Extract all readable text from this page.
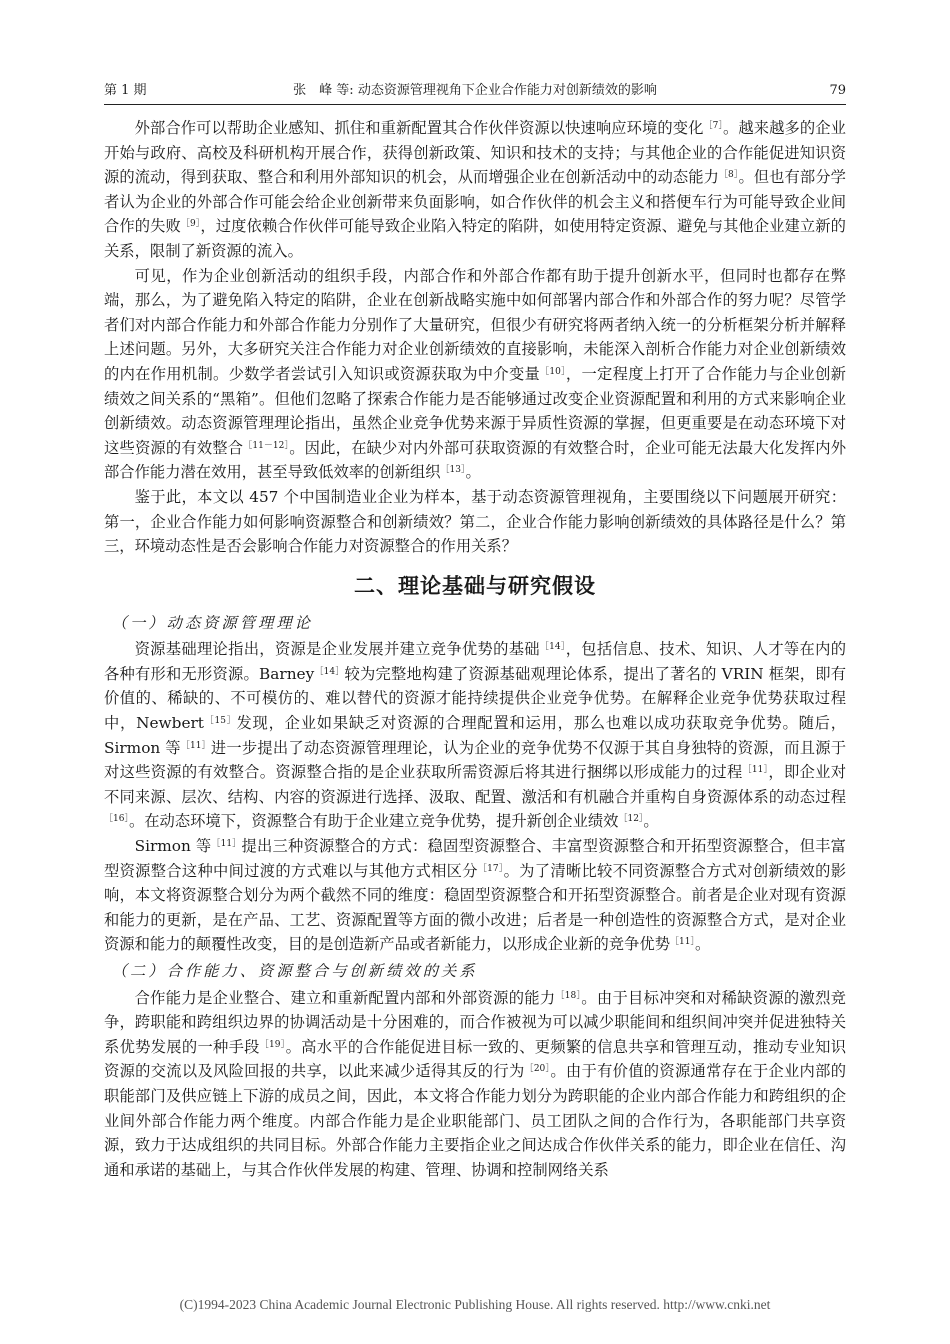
第 1 期	张　峰 等: 动态资源管理视角下企业合作能力对创新绩效的影响	79

外部合作可以帮助企业感知、抓住和重新配置其合作伙伴资源以快速响应环境的变化$^{[7]}$。越来越多的企业开始与政府、高校及科研机构开展合作，获得创新政策、知识和技术的支持；与其他企业的合作能促进知识资源的流动，得到获取、整合和利用外部知识的机会，从而增强企业在创新活动中的动态能力$^{[8]}$。但也有部分学者认为企业的外部合作可能会给企业创新带来负面影响，如合作伙伴的机会主义和搭便车行为可能导致企业间合作的失败$^{[9]}$，过度依赖合作伙伴可能导致企业陷入特定的陷阱，如使用特定资源、避免与其他企业建立新的关系，限制了新资源的流入。

可见，作为企业创新活动的组织手段，内部合作和外部合作都有助于提升创新水平，但同时也都存在弊端，那么，为了避免陷入特定的陷阱，企业在创新战略实施中如何部署内部合作和外部合作的努力呢？尽管学者们对内部合作能力和外部合作能力分别作了大量研究，但很少有研究将两者纳入统一的分析框架分析并解释上述问题。另外，大多研究关注合作能力对企业创新绩效的直接影响，未能深入剖析合作能力对企业创新绩效的内在作用机制。少数学者尝试引入知识或资源获取为中介变量$^{[10]}$，一定程度上打开了合作能力与企业创新绩效之间关系的“黑箱”。但他们忽略了探索合作能力是否能够通过改变企业资源配置和利用的方式来影响企业创新绩效。动态资源管理理论指出，虽然企业竞争优势来源于异质性资源的掌握，但更重要是在动态环境下对这些资源的有效整合$^{[11-12]}$。因此，在缺少对内外部可获取资源的有效整合时，企业可能无法最大化发挥内外部合作能力潜在效用，甚至导致低效率的创新组织$^{[13]}$。

鉴于此，本文以 457 个中国制造业企业为样本，基于动态资源管理视角，主要围绕以下问题展开研究：第一，企业合作能力如何影响资源整合和创新绩效？第二，企业合作能力影响创新绩效的具体路径是什么？第三，环境动态性是否会影响合作能力对资源整合的作用关系？

二、理论基础与研究假设
（一）动态资源管理理论

资源基础理论指出，资源是企业发展并建立竞争优势的基础$^{[14]}$，包括信息、技术、知识、人才等在内的各种有形和无形资源。Barney$^{[14]}$较为完整地构建了资源基础观理论体系，提出了著名的 VRIN 框架，即有价值的、稀缺的、不可模仿的、难以替代的资源才能持续提供企业竞争优势。在解释企业竞争优势获取过程中，Newbert$^{[15]}$发现，企业如果缺乏对资源的合理配置和运用，那么也难以成功获取竞争优势。随后，Sirmon 等$^{[11]}$进一步提出了动态资源管理理论，认为企业的竞争优势不仅源于其自身独特的资源，而且源于对这些资源的有效整合。资源整合指的是企业获取所需资源后将其进行捆绑以形成能力的过程$^{[11]}$，即企业对不同来源、层次、结构、内容的资源进行选择、汲取、配置、激活和有机融合并重构自身资源体系的动态过程$^{[16]}$。在动态环境下，资源整合有助于企业建立竞争优势，提升新创企业绩效$^{[12]}$。

Sirmon 等$^{[11]}$提出三种资源整合的方式：稳固型资源整合、丰富型资源整合和开拓型资源整合，但丰富型资源整合这种中间过渡的方式难以与其他方式相区分$^{[17]}$。为了清晰比较不同资源整合方式对创新绩效的影响，本文将资源整合划分为两个截然不同的维度：稳固型资源整合和开拓型资源整合。前者是企业对现有资源和能力的更新，是在产品、工艺、资源配置等方面的微小改进；后者是一种创造性的资源整合方式，是对企业资源和能力的颠覆性改变，目的是创造新产品或者新能力，以形成企业新的竞争优势$^{[11]}$。

（二）合作能力、资源整合与创新绩效的关系

合作能力是企业整合、建立和重新配置内部和外部资源的能力$^{[18]}$。由于目标冲突和对稀缺资源的激烈竞争，跨职能和跨组织边界的协调活动是十分困难的，而合作被视为可以减少职能间和组织间冲突并促进独特关系优势发展的一种手段$^{[19]}$。高水平的合作能促进目标一致的、更频繁的信息共享和管理互动，推动专业知识资源的交流以及风险回报的共享，以此来减少适得其反的行为$^{[20]}$。由于有价值的资源通常存在于企业内部的职能部门及供应链上下游的成员之间，因此，本文将合作能力划分为跨职能的企业内部合作能力和跨组织的企业间外部合作能力两个维度。内部合作能力是企业职能部门、员工团队之间的合作行为，各职能部门共享资源，致力于达成组织的共同目标。外部合作能力主要指企业之间达成合作伙伴关系的能力，即企业在信任、沟通和承诺的基础上，与其合作伙伴发展的构建、管理、协调和控制网络关系

(C)1994-2023 China Academic Journal Electronic Publishing House. All rights reserved. http://www.cnki.net
